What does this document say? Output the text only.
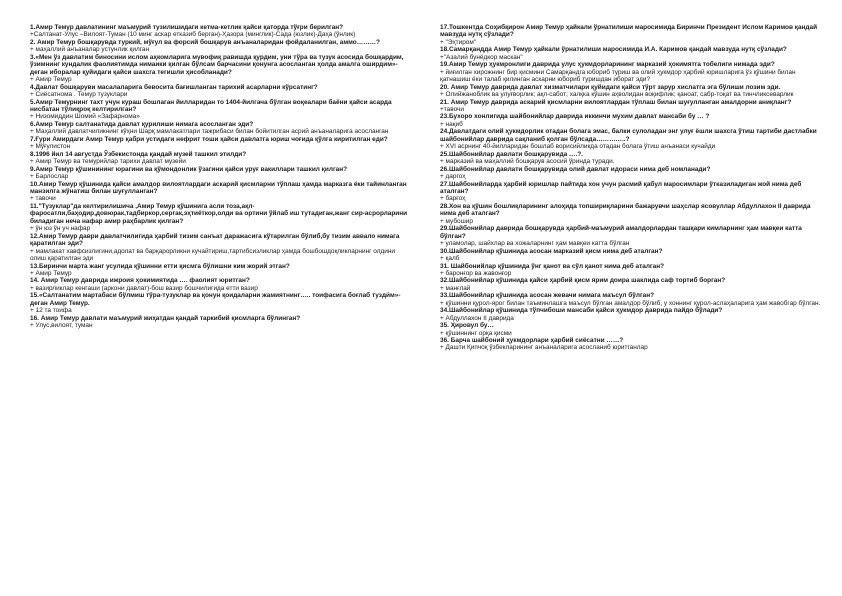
1.Амир Темур давлатининг маъмурий тузилишидаги кетма-кетлик қайси қаторда тўғри берилган?
+Салтанат-Улус –Вилоят-Туман (10 минг аскар етказиб берган)-Ҳазора (минглик)-Сада (юзлик)-Даҳа (ўнлик)
2. Амир Темур бошқарувда туркий, мўғул ва форсий бошқарув анъаналаридан фойдаланилган, аммо………?
+ маҳаллий анъаналар устунлик қилган
3.«Мен ўз давлатим биносини ислом аҳкомларига мувофиқ равишда қурдим, уни тўра ва тузук асосида бошқардим, ўзимнинг кундалик фаолиятимда нимаики қилган бўлсам барчасини қонунга асосланган ҳолда амалга оширдим»-деган иборалар қуйидаги қайси шахсга тегишли ҳисобланади?
+ Амир Темур
4.Давлат бошқаруви масалаларига бевосита бағишланган тарихий асарларни кўрсатинг?
+ Сиёсатнома . Темур тузуклари
5.Амир Темурнинг тахт учун кураш бошлаган йилларидан то 1404-йилгача бўлган воқеалари баёни қайси асарда нисбатан тўлиқроқ келтирилган?
+ Низомиддин Шомий «Зафарнома»
6.Амир Темур салтанатида давлат қурилиши нимага асосланган эди?
+ Маҳаллий давлатчиликнинг кўҳни Шарқ мамлакатлари тажрибаси билан бойитилган асрий анъаналарига асосланган
7.Ғури Амирдаги Амир Темур қабри устидаги нефрит тоши қайси давлатга юриш чоғида қўлга киритилган еди?
+ Мўғулистон
8.1996 йил 14 августда Ўзбекистонда қандай музей ташкил этилди?
+ Амир Темур ва темурийлар тарихи давлат музейи
9.Амир Темур қўшинининг юрагини ва қўмондонлик ўзагини қайси уруғ вакиллари ташкил қилган?
+ Барлослар
10.Амир Темур қўшинида қайси амалдор вилоятлардаги аскарий қисмларни тўплаш ҳамда марказга ёки тайинланган манзилга жўнатиш билан шуғулланган?
+ тавочи
11."Тузуклар"да келтирилишича ,Амир Темур қўшинига асли тоза,ақл-фаросатли,баҳодир,довюрак,тадбиркор,сергак,эҳтиёткор,олди ва ортини ўйлаб иш тутадиган,жанг сир-асрорларини биладиган неча нафар амир раҳбарлик қилган?
+ ўн юз ўн уч нафар
12.Амир Темур даври давлатчилигида ҳарбий тизим санъат даражасига кўтарилган бўлиб,бу тизим аввало нимага қаратилган эди?
+ мамлакат хавфсизлигини,адолат ва барқарорликни кучайтириш,тартибсизликлар ҳамда бошбошдоқликларнинг олдини олиш қаратилган эди
13.Биринчи марта жанг усулида қўшинни етти қисмга бўлишни ким жорий этган?
+ Амир Темур
14. Амир Темур даврида ижроия ҳокимиятида …. фаолият юритган?
+ вазирликлар кенгаши (аркони давлат)-бош вазир бошчилигида етти вазир
15.«Салтанатим мартабаси бўлмиш тўра-тузуклар ва қонун қоидаларни жамиятнинг….. тоифасига боғлаб тузди́м»- деган Амир Темур.
+ 12 та тоифа
16. Амир Темур давлати маъмурий жиҳатдан қандай таркибий қисмларга бўлинган?
+ Улус,вилоят, туман
17.Тошкентда Соҳибқирон Амир Темур ҳайкали ўрнатилиши маросимида Биринчи Президент Ислом Каримов қандай мавзуда нутқ сўзлади?
+ "Эҳтиром"
18.Самарқандда Амир Темур ҳайкали ўрнатилиши маросимида И.А. Каримов қандай мавзуда нутқ сўзлади?
+"Азалий бунёдкор маскан"
19.Амир Темур ҳукмронлиги даврида улус ҳукмдорларининг марказий ҳокимятга тобелиги нимада эди?
+ йиғилган хирожнинг бир қисмини Самарқандга юбориб туриш ва олий ҳукмдор ҳарбий юришларига ўз қўшини билан қатнашиш ёки талаб қилинган аскарни юбориб туришдан иборат эди?
20. Амир Темур даврида давлат хизматчилари қуйидаги қайси тўрт зарур хислатга эга бўлиши лозим эди.
+ Олийжаноблик ва улуғворлик; ақл-сабот; халқка кўшин аҳволидан воқифлик; қаноат, сабр-тоқат ва тинчликсеварлик
21. Амир Темур даврида аскарий қисмларни вилоятлардан тўплаш билан шуғулланган амалдорни аниқланг?
+тавочи
23.Бухоро хонлигида шайбонийлар даврида иккинчи мухим давлат мансаби бу … ?
+ нақиб
24.Давлатдаги олий ҳукмдорлик отадан болага эмас, балки сулоладан энг улуғ ёшли шахсга ўтиш тартиби дастлабки шайбонийлар даврида сақланиб қолган бўлсада…………..?
+ XVI асрнинг 40-йилларидан бошлаб ворисийликда отадан болага ўтиш анъанаси кучайди
25.Шайбонийлар давлати бошқарувида ….?.
+ марказий ва маҳаллий бошқарув асосий ўринда туради.
26.Шайбонийлар давлати бошқарувида олий давлат идораси нима деб номланади?
+ даргоҳ
27.Шайбонийларда ҳарбий юришлар пайтида хон учун расмий қабул маросимлари ўтказиладиган жой нима деб аталган?
+ барғоҳ
28.Хон ва қўшин бошлиқларининг алоҳида топшириқларини бажарувчи шаҳслар ясовуллар Абдуллахон II даврида нима деб аталган?
+ мубошир
29.Шайбонийлар даврида бошқарувда ҳарбий-маъмурий амалдорлардан ташқари кимларнинг ҳам мавқеи катта бўлган?
+ уламолар, шайхлар ва хожаларнинг ҳам мавқеи катта бўлган
30.Шайбонийлар қўшинида асосан марказий қисм нима деб аталган?
+ қалб
31. Шайбонийлар қўшинида ўнг қанот ва сўл қанот нима деб аталган?
+ барoнғор ва жавонғор
32.Шайбонийлар қўшинида қайси ҳарбий қисм ярим доира шаклида саф тортиб борган?
+ манғлай
33.Шайбонийлар қўшинида асосан жевачи нимага маъсул бўлган?
+ қўшинни қурол-ярог билан таъминлашга маъсул бўлган амалдор бўлиб, у хоннинг қурол-аслаҳаларига ҳам жавобгар бўлган.
34.Шайбонийлар қўшинида тўпчибоши мансаби қайси ҳукмдор даврида пайдо бўлади?
+ Абдуллахон II даврида
35. Ҳировул бу…
+ қўшиннинг орқа қисми
36. Барча шайбоний ҳукмдорлари ҳарбий сиёсатни ……?
+ Дашти Қипчоқ ўзбекларининг анъаналарига асосланиб юритганлар
